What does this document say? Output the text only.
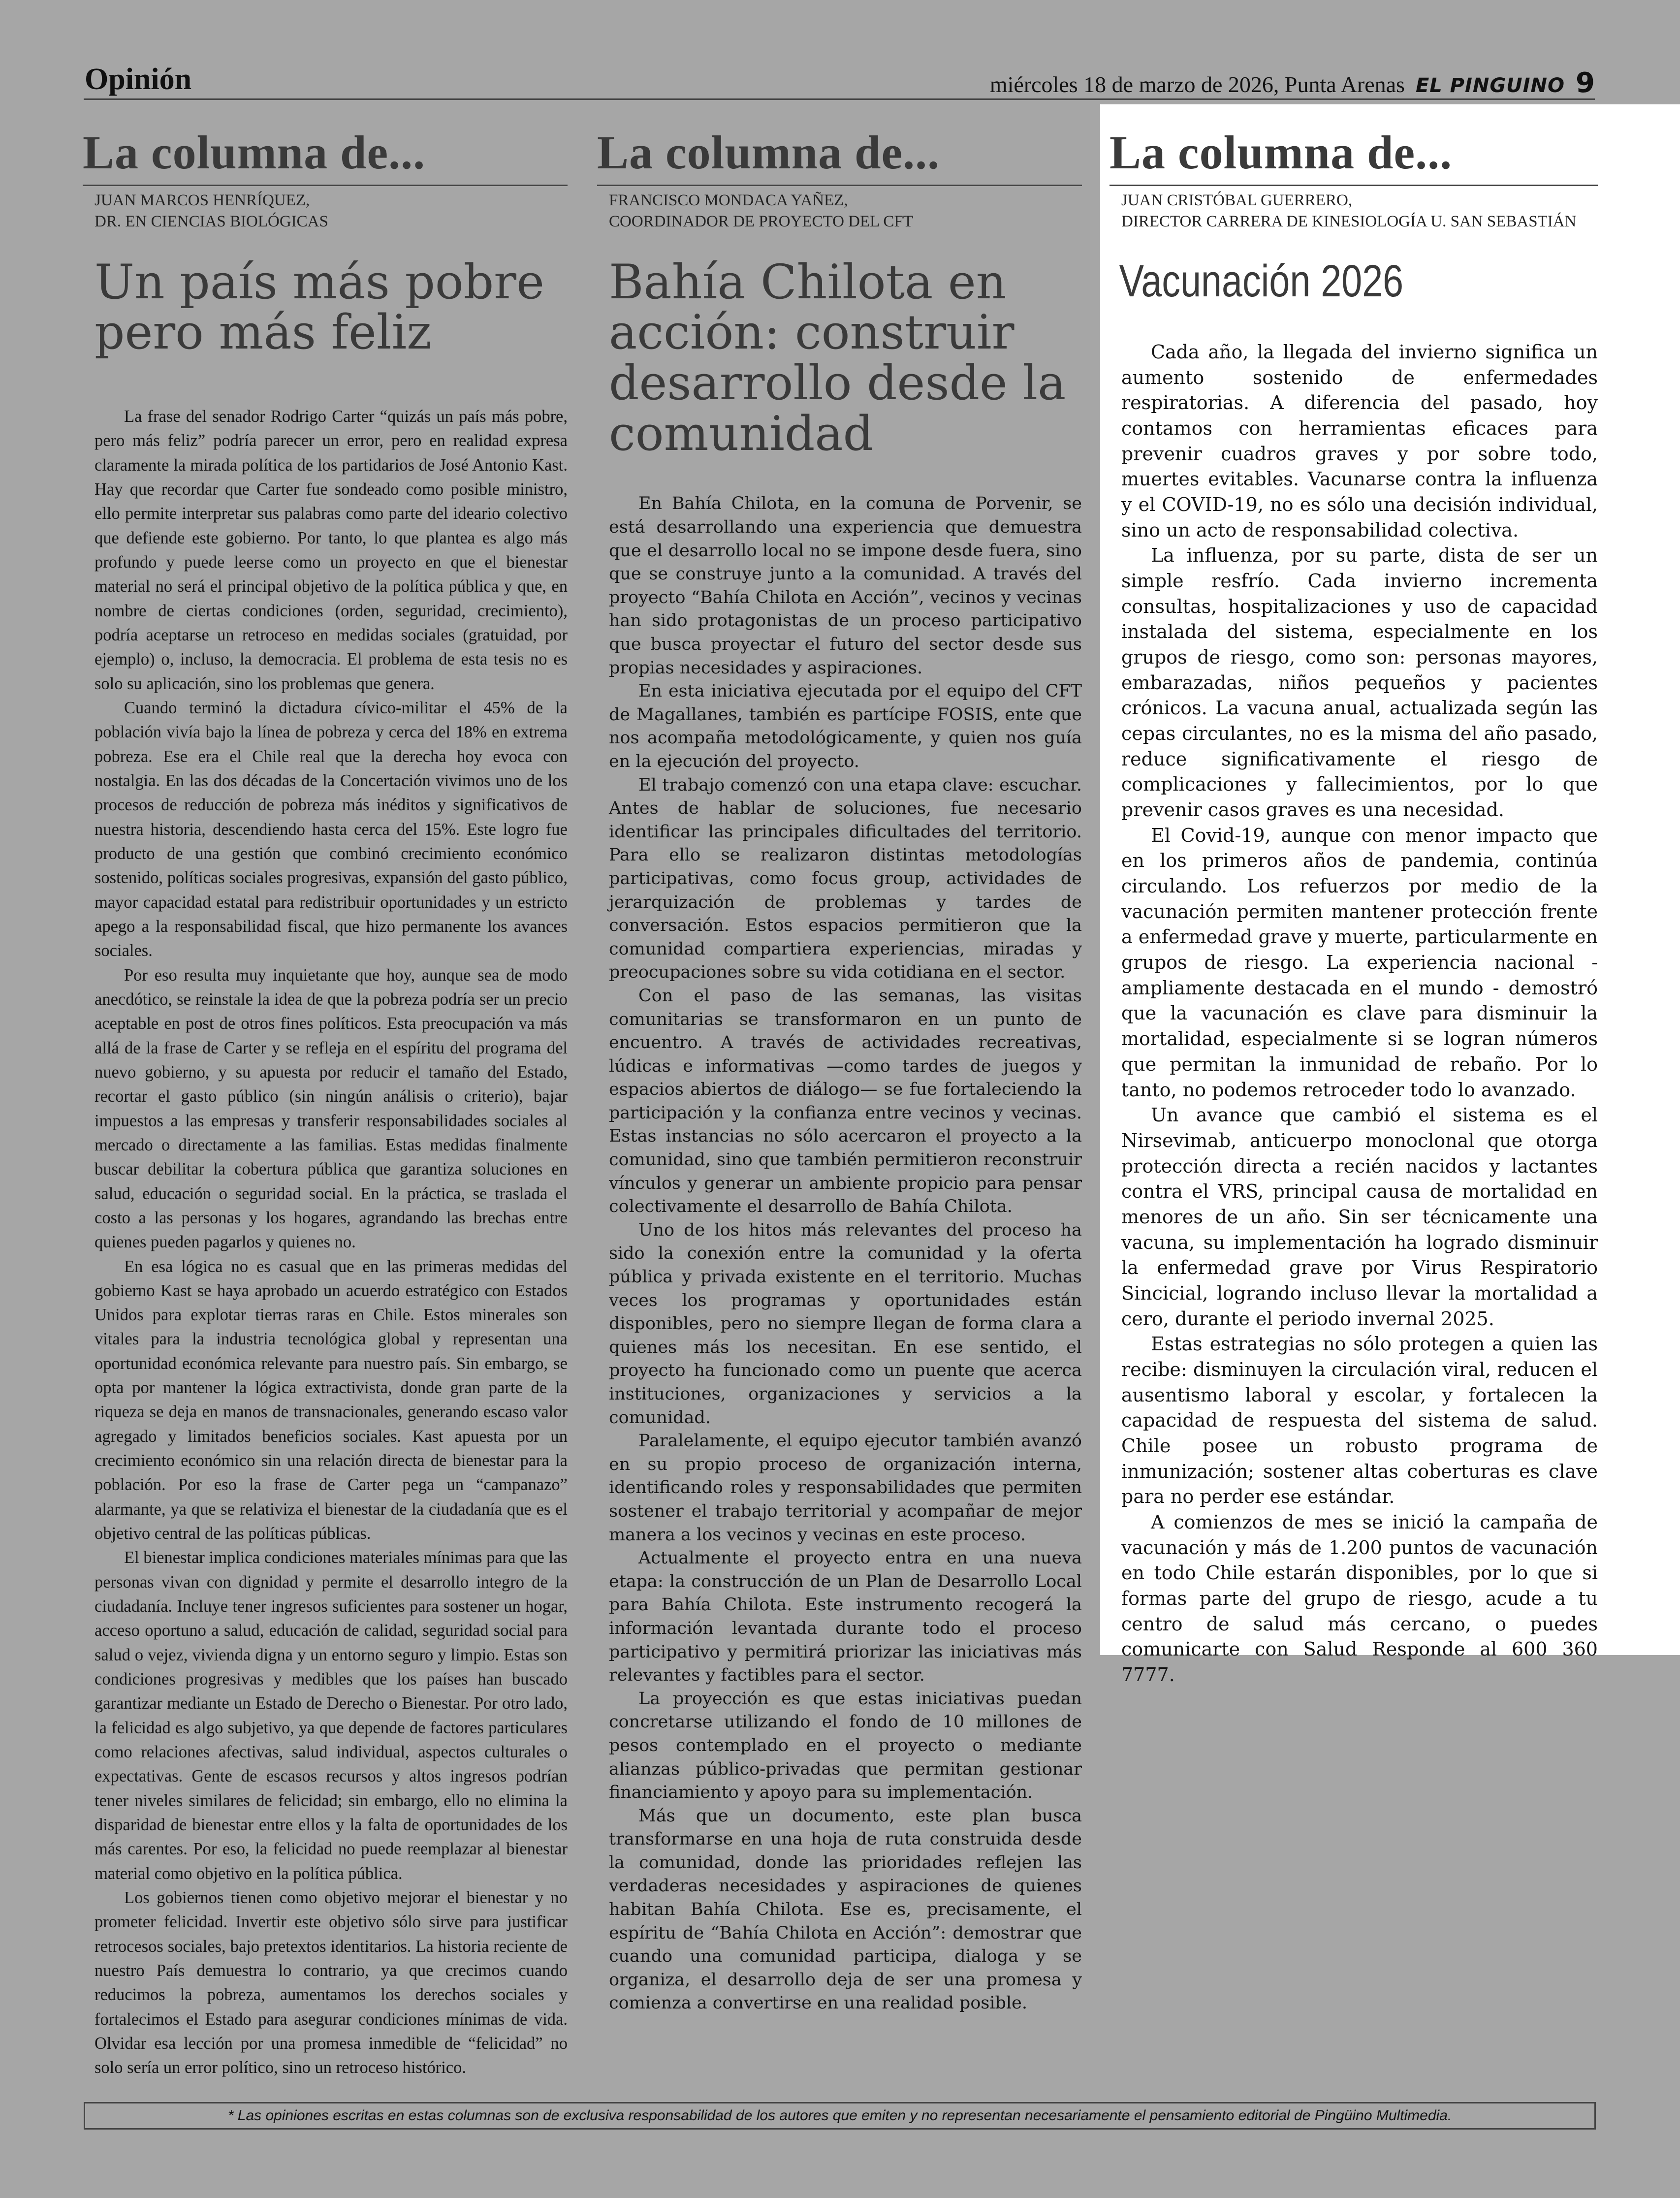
Opinión	miércoles 18 de marzo de 2026, Punta Arenas EL PINGUINO 9
La columna de...
JUAN MARCOS HENRÍQUEZ,
DR. EN CIENCIAS BIOLÓGICAS
Un país más pobre pero más feliz

La frase del senador Rodrigo Carter “quizás un país más pobre, pero más feliz” podría parecer un error, pero en realidad expresa claramente la mirada política de los partidarios de José Antonio Kast. Hay que recordar que Carter fue sondeado como posible ministro, ello permite interpretar sus palabras como parte del ideario colectivo que defiende este gobierno. Por tanto, lo que plantea es algo más profundo y puede leerse como un proyecto en que el bienestar material no será el principal objetivo de la política pública y que, en nombre de ciertas condiciones (orden, seguridad, crecimiento), podría aceptarse un retroceso en medidas sociales (gratuidad, por ejemplo) o, incluso, la democracia. El problema de esta tesis no es solo su aplicación, sino los problemas que genera.

Cuando terminó la dictadura cívico-militar el 45% de la población vivía bajo la línea de pobreza y cerca del 18% en extrema pobreza. Ese era el Chile real que la derecha hoy evoca con nostalgia. En las dos décadas de la Concertación vivimos uno de los procesos de reducción de pobreza más inéditos y significativos de nuestra historia, descendiendo hasta cerca del 15%. Este logro fue producto de una gestión que combinó crecimiento económico sostenido, políticas sociales progresivas, expansión del gasto público, mayor capacidad estatal para redistribuir oportunidades y un estricto apego a la responsabilidad fiscal, que hizo permanente los avances sociales.

Por eso resulta muy inquietante que hoy, aunque sea de modo anecdótico, se reinstale la idea de que la pobreza podría ser un precio aceptable en post de otros fines políticos. Esta preocupación va más allá de la frase de Carter y se refleja en el espíritu del programa del nuevo gobierno, y su apuesta por reducir el tamaño del Estado, recortar el gasto público (sin ningún análisis o criterio), bajar impuestos a las empresas y transferir responsabilidades sociales al mercado o directamente a las familias. Estas medidas finalmente buscar debilitar la cobertura pública que garantiza soluciones en salud, educación o seguridad social. En la práctica, se traslada el costo a las personas y los hogares, agrandando las brechas entre quienes pueden pagarlos y quienes no.

En esa lógica no es casual que en las primeras medidas del gobierno Kast se haya aprobado un acuerdo estratégico con Estados Unidos para explotar tierras raras en Chile. Estos minerales son vitales para la industria tecnológica global y representan una oportunidad económica relevante para nuestro país. Sin embargo, se opta por mantener la lógica extractivista, donde gran parte de la riqueza se deja en manos de transnacionales, generando escaso valor agregado y limitados beneficios sociales. Kast apuesta por un crecimiento económico sin una relación directa de bienestar para la población. Por eso la frase de Carter pega un “campanazo” alarmante, ya que se relativiza el bienestar de la ciudadanía que es el objetivo central de las políticas públicas.

El bienestar implica condiciones materiales mínimas para que las personas vivan con dignidad y permite el desarrollo integro de la ciudadanía. Incluye tener ingresos suficientes para sostener un hogar, acceso oportuno a salud, educación de calidad, seguridad social para salud o vejez, vivienda digna y un entorno seguro y limpio. Estas son condiciones progresivas y medibles que los países han buscado garantizar mediante un Estado de Derecho o Bienestar. Por otro lado, la felicidad es algo subjetivo, ya que depende de factores particulares como relaciones afectivas, salud individual, aspectos culturales o expectativas. Gente de escasos recursos y altos ingresos podrían tener niveles similares de felicidad; sin embargo, ello no elimina la disparidad de bienestar entre ellos y la falta de oportunidades de los más carentes. Por eso, la felicidad no puede reemplazar al bienestar material como objetivo en la política pública.

Los gobiernos tienen como objetivo mejorar el bienestar y no prometer felicidad. Invertir este objetivo sólo sirve para justificar retrocesos sociales, bajo pretextos identitarios. La historia reciente de nuestro País demuestra lo contrario, ya que crecimos cuando reducimos la pobreza, aumentamos los derechos sociales y fortalecimos el Estado para asegurar condiciones mínimas de vida. Olvidar esa lección por una promesa inmedible de “felicidad” no solo sería un error político, sino un retroceso histórico.

La columna de...
FRANCISCO MONDACA YAÑEZ,
COORDINADOR DE PROYECTO DEL CFT
Bahía Chilota en acción: construir desarrollo desde la comunidad

En Bahía Chilota, en la comuna de Porvenir, se está desarrollando una experiencia que demuestra que el desarrollo local no se impone desde fuera, sino que se construye junto a la comunidad. A través del proyecto “Bahía Chilota en Acción”, vecinos y vecinas han sido protagonistas de un proceso participativo que busca proyectar el futuro del sector desde sus propias necesidades y aspiraciones.

En esta iniciativa ejecutada por el equipo del CFT de Magallanes, también es partícipe FOSIS, ente que nos acompaña metodológicamente, y quien nos guía en la ejecución del proyecto.

El trabajo comenzó con una etapa clave: escuchar. Antes de hablar de soluciones, fue necesario identificar las principales dificultades del territorio. Para ello se realizaron distintas metodologías participativas, como focus group, actividades de jerarquización de problemas y tardes de conversación. Estos espacios permitieron que la comunidad compartiera experiencias, miradas y preocupaciones sobre su vida cotidiana en el sector.

Con el paso de las semanas, las visitas comunitarias se transformaron en un punto de encuentro. A través de actividades recreativas, lúdicas e informativas —como tardes de juegos y espacios abiertos de diálogo— se fue fortaleciendo la participación y la confianza entre vecinos y vecinas. Estas instancias no sólo acercaron el proyecto a la comunidad, sino que también permitieron reconstruir vínculos y generar un ambiente propicio para pensar colectivamente el desarrollo de Bahía Chilota.

Uno de los hitos más relevantes del proceso ha sido la conexión entre la comunidad y la oferta pública y privada existente en el territorio. Muchas veces los programas y oportunidades están disponibles, pero no siempre llegan de forma clara a quienes más los necesitan. En ese sentido, el proyecto ha funcionado como un puente que acerca instituciones, organizaciones y servicios a la comunidad.

Paralelamente, el equipo ejecutor también avanzó en su propio proceso de organización interna, identificando roles y responsabilidades que permiten sostener el trabajo territorial y acompañar de mejor manera a los vecinos y vecinas en este proceso.

Actualmente el proyecto entra en una nueva etapa: la construcción de un Plan de Desarrollo Local para Bahía Chilota. Este instrumento recogerá la información levantada durante todo el proceso participativo y permitirá priorizar las iniciativas más relevantes y factibles para el sector.

La proyección es que estas iniciativas puedan concretarse utilizando el fondo de 10 millones de pesos contemplado en el proyecto o mediante alianzas público-privadas que permitan gestionar financiamiento y apoyo para su implementación.

Más que un documento, este plan busca transformarse en una hoja de ruta construida desde la comunidad, donde las prioridades reflejen las verdaderas necesidades y aspiraciones de quienes habitan Bahía Chilota. Ese es, precisamente, el espíritu de “Bahía Chilota en Acción”: demostrar que cuando una comunidad participa, dialoga y se organiza, el desarrollo deja de ser una promesa y comienza a convertirse en una realidad posible.

La columna de...
JUAN CRISTÓBAL GUERRERO,
DIRECTOR CARRERA DE KINESIOLOGÍA U. SAN SEBASTIÁN
Vacunación 2026

Cada año, la llegada del invierno significa un aumento sostenido de enfermedades respiratorias. A diferencia del pasado, hoy contamos con herramientas eficaces para prevenir cuadros graves y por sobre todo, muertes evitables. Vacunarse contra la influenza y el COVID-19, no es sólo una decisión individual, sino un acto de responsabilidad colectiva.

La influenza, por su parte, dista de ser un simple resfrío. Cada invierno incrementa consultas, hospitalizaciones y uso de capacidad instalada del sistema, especialmente en los grupos de riesgo, como son: personas mayores, embarazadas, niños pequeños y pacientes crónicos. La vacuna anual, actualizada según las cepas circulantes, no es la misma del año pasado, reduce significativamente el riesgo de complicaciones y fallecimientos, por lo que prevenir casos graves es una necesidad.

El Covid-19, aunque con menor impacto que en los primeros años de pandemia, continúa circulando. Los refuerzos por medio de la vacunación permiten mantener protección frente a enfermedad grave y muerte, particularmente en grupos de riesgo. La experiencia nacional - ampliamente destacada en el mundo - demostró que la vacunación es clave para disminuir la mortalidad, especialmente si se logran números que permitan la inmunidad de rebaño. Por lo tanto, no podemos retroceder todo lo avanzado.

Un avance que cambió el sistema es el Nirsevimab, anticuerpo monoclonal que otorga protección directa a recién nacidos y lactantes contra el VRS, principal causa de mortalidad en menores de un año. Sin ser técnicamente una vacuna, su implementación ha logrado disminuir la enfermedad grave por Virus Respiratorio Sincicial, logrando incluso llevar la mortalidad a cero, durante el periodo invernal 2025.

Estas estrategias no sólo protegen a quien las recibe: disminuyen la circulación viral, reducen el ausentismo laboral y escolar, y fortalecen la capacidad de respuesta del sistema de salud. Chile posee un robusto programa de inmunización; sostener altas coberturas es clave para no perder ese estándar.

A comienzos de mes se inició la campaña de vacunación y más de 1.200 puntos de vacunación en todo Chile estarán disponibles, por lo que si formas parte del grupo de riesgo, acude a tu centro de salud más cercano, o puedes comunicarte con Salud Responde al 600 360 7777.

* Las opiniones escritas en estas columnas son de exclusiva responsabilidad de los autores que emiten y no representan necesariamente el pensamiento editorial de Pingüino Multimedia.
